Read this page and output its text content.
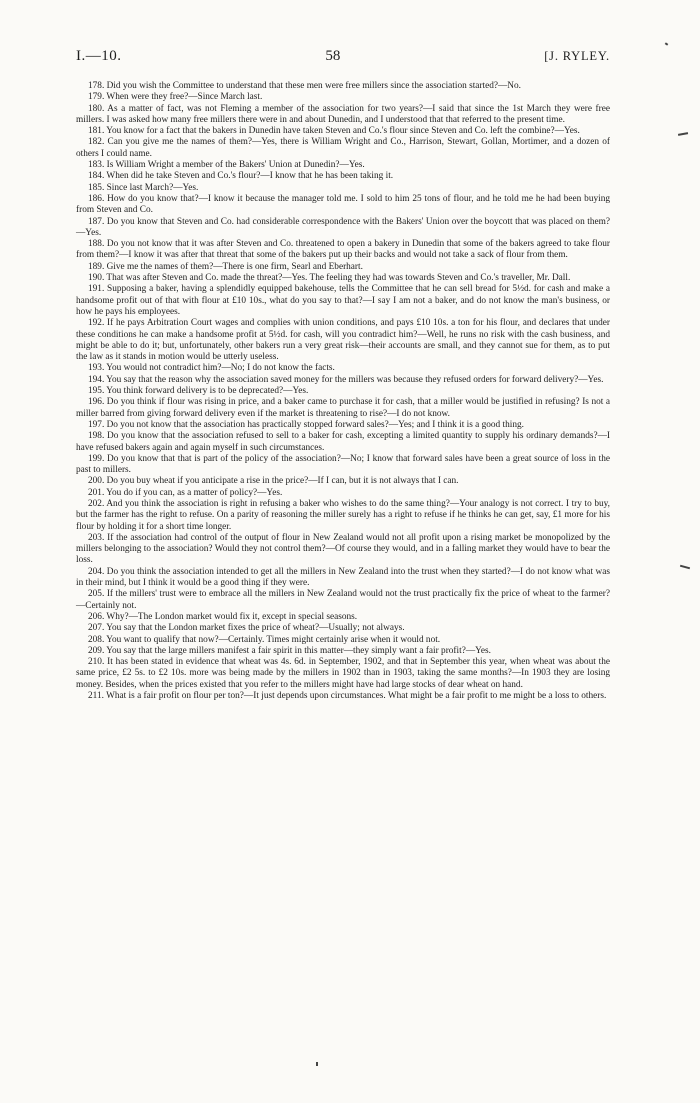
I.—10.	58	[J. RYLEY.

178. Did you wish the Committee to understand that these men were free millers since the association started?—No.

179. When were they free?—Since March last.

180. As a matter of fact, was not Fleming a member of the association for two years?—I said that since the 1st March they were free millers. I was asked how many free millers there were in and about Dunedin, and I understood that that referred to the present time.

181. You know for a fact that the bakers in Dunedin have taken Steven and Co.'s flour since Steven and Co. left the combine?—Yes.

182. Can you give me the names of them?—Yes, there is William Wright and Co., Harrison, Stewart, Gollan, Mortimer, and a dozen of others I could name.

183. Is William Wright a member of the Bakers' Union at Dunedin?—Yes.

184. When did he take Steven and Co.'s flour?—I know that he has been taking it.

185. Since last March?—Yes.

186. How do you know that?—I know it because the manager told me. I sold to him 25 tons of flour, and he told me he had been buying from Steven and Co.

187. Do you know that Steven and Co. had considerable correspondence with the Bakers' Union over the boycott that was placed on them?—Yes.

188. Do you not know that it was after Steven and Co. threatened to open a bakery in Dunedin that some of the bakers agreed to take flour from them?—I know it was after that threat that some of the bakers put up their backs and would not take a sack of flour from them.

189. Give me the names of them?—There is one firm, Searl and Eberhart.

190. That was after Steven and Co. made the threat?—Yes. The feeling they had was towards Steven and Co.'s traveller, Mr. Dall.

191. Supposing a baker, having a splendidly equipped bakehouse, tells the Committee that he can sell bread for 5½d. for cash and make a handsome profit out of that with flour at £10 10s., what do you say to that?—I say I am not a baker, and do not know the man's business, or how he pays his employees.

192. If he pays Arbitration Court wages and complies with union conditions, and pays £10 10s. a ton for his flour, and declares that under these conditions he can make a handsome profit at 5½d. for cash, will you contradict him?—Well, he runs no risk with the cash business, and might be able to do it; but, unfortunately, other bakers run a very great risk—their accounts are small, and they cannot sue for them, as to put the law as it stands in motion would be utterly useless.

193. You would not contradict him?—No; I do not know the facts.

194. You say that the reason why the association saved money for the millers was because they refused orders for forward delivery?—Yes.

195. You think forward delivery is to be deprecated?—Yes.

196. Do you think if flour was rising in price, and a baker came to purchase it for cash, that a miller would be justified in refusing? Is not a miller barred from giving forward delivery even if the market is threatening to rise?—I do not know.

197. Do you not know that the association has practically stopped forward sales?—Yes; and I think it is a good thing.

198. Do you know that the association refused to sell to a baker for cash, excepting a limited quantity to supply his ordinary demands?—I have refused bakers again and again myself in such circumstances.

199. Do you know that that is part of the policy of the association?—No; I know that forward sales have been a great source of loss in the past to millers.

200. Do you buy wheat if you anticipate a rise in the price?—If I can, but it is not always that I can.

201. You do if you can, as a matter of policy?—Yes.

202. And you think the association is right in refusing a baker who wishes to do the same thing?—Your analogy is not correct. I try to buy, but the farmer has the right to refuse. On a parity of reasoning the miller surely has a right to refuse if he thinks he can get, say, £1 more for his flour by holding it for a short time longer.

203. If the association had control of the output of flour in New Zealand would not all profit upon a rising market be monopolized by the millers belonging to the association? Would they not control them?—Of course they would, and in a falling market they would have to bear the loss.

204. Do you think the association intended to get all the millers in New Zealand into the trust when they started?—I do not know what was in their mind, but I think it would be a good thing if they were.

205. If the millers' trust were to embrace all the millers in New Zealand would not the trust practically fix the price of wheat to the farmer?—Certainly not.

206. Why?—The London market would fix it, except in special seasons.

207. You say that the London market fixes the price of wheat?—Usually; not always.

208. You want to qualify that now?—Certainly. Times might certainly arise when it would not.

209. You say that the large millers manifest a fair spirit in this matter—they simply want a fair profit?—Yes.

210. It has been stated in evidence that wheat was 4s. 6d. in September, 1902, and that in September this year, when wheat was about the same price, £2 5s. to £2 10s. more was being made by the millers in 1902 than in 1903, taking the same months?—In 1903 they are losing money. Besides, when the prices existed that you refer to the millers might have had large stocks of dear wheat on hand.

211. What is a fair profit on flour per ton?—It just depends upon circumstances. What might be a fair profit to me might be a loss to others.
